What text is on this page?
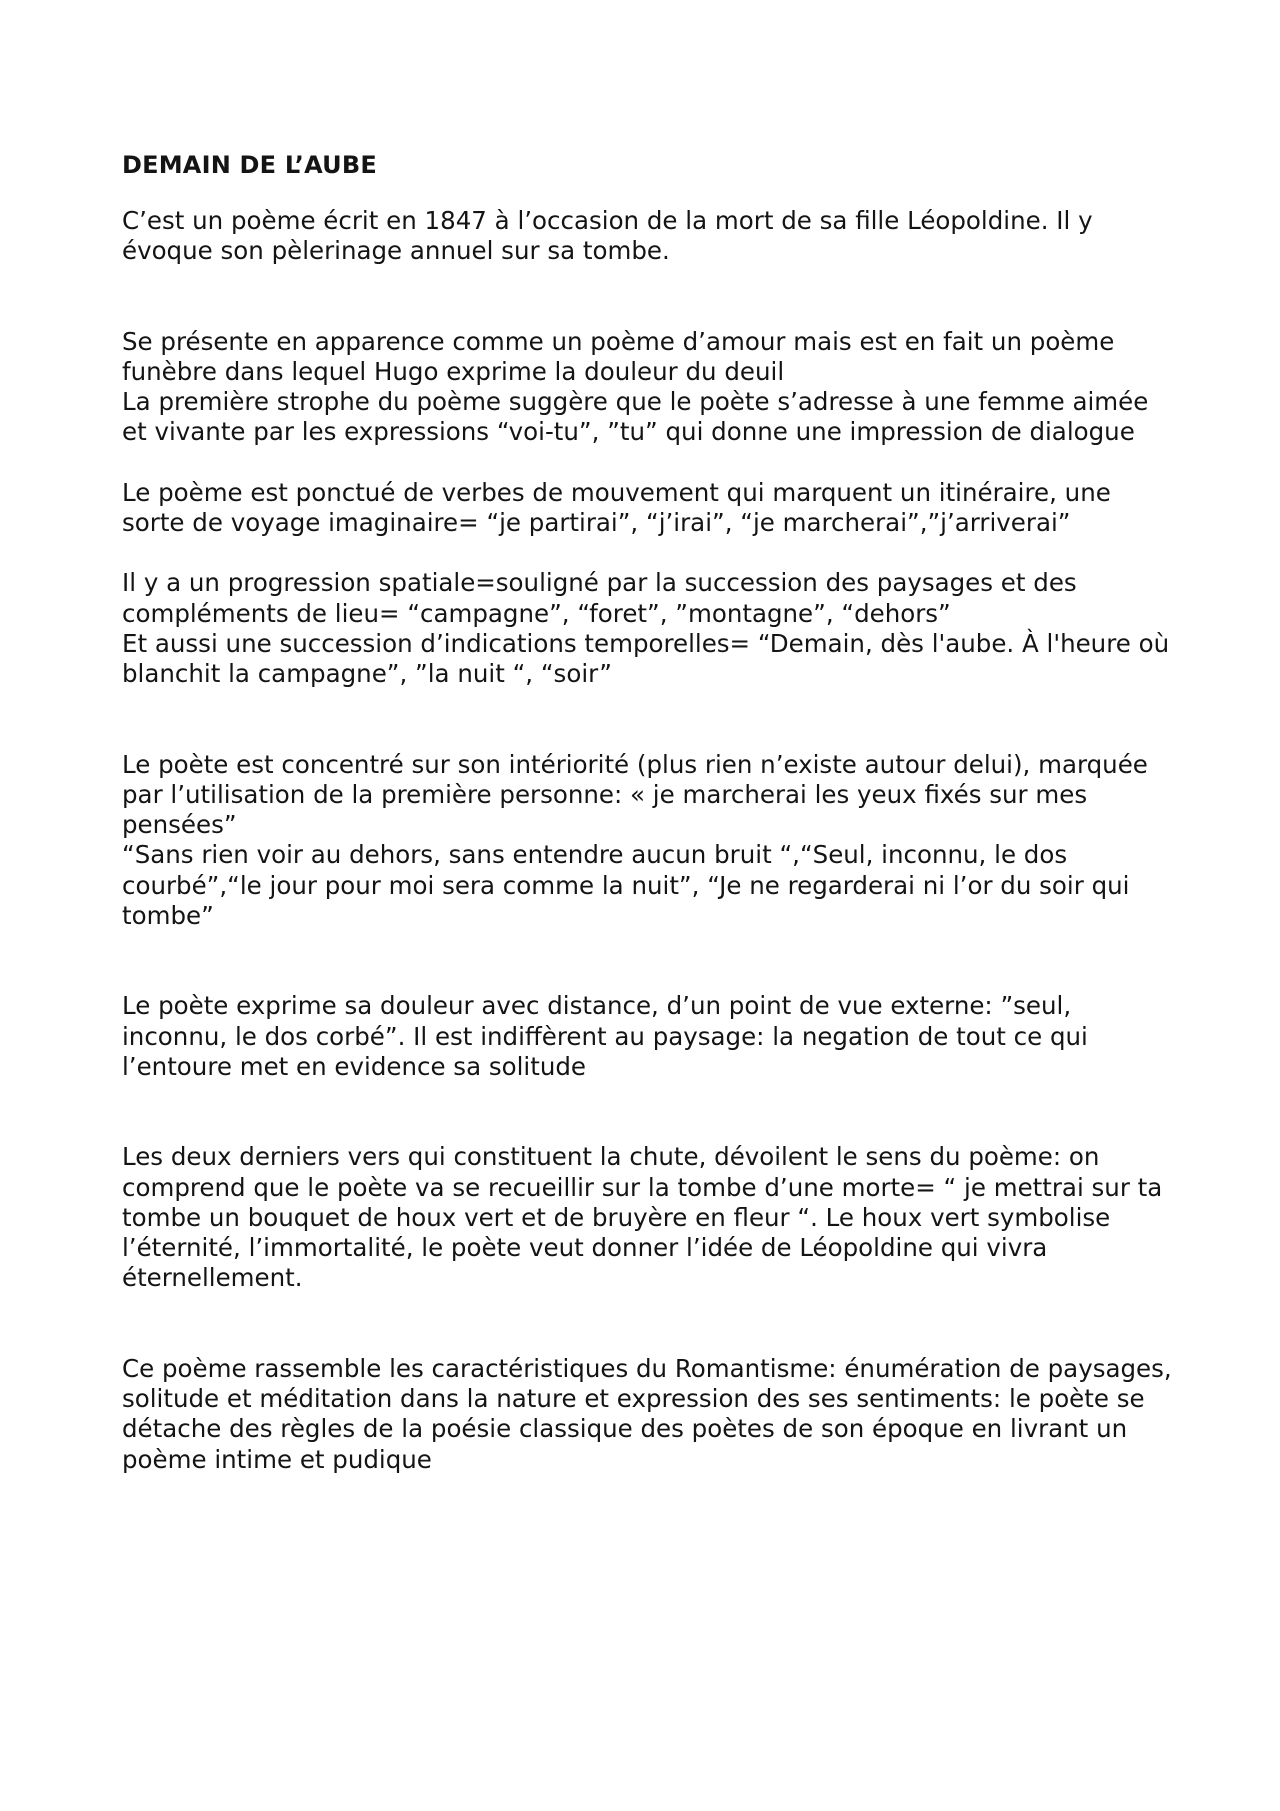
DEMAIN DE L’AUBE

C’est un poème écrit en 1847 à l’occasion de la mort de sa fille Léopoldine. Il y évoque son pèlerinage annuel sur sa tombe.

Se présente en apparence comme un poème d’amour mais est en fait un poème funèbre dans lequel Hugo exprime la douleur du deuil

La première strophe du poème suggère que le poète s’adresse à une femme aimée et vivante par les expressions “voi-tu”, ”tu” qui donne une impression de dialogue

Le poème est ponctué de verbes de mouvement qui marquent un itinéraire, une

sorte de voyage imaginaire= “je partirai”, “j’irai”, “je marcherai”,”j’arriverai”

Il y a un progression spatiale=souligné par la succession des paysages et des compléments de lieu= “campagne”, “foret”, ”montagne”, “dehors”

Et aussi une succession d’indications temporelles= “Demain, dès l'aube. À l'heure où blanchit la campagne”, ”la nuit “, “soir”

Le poète est concentré sur son intériorité (plus rien n’existe autour delui), marquée par l’utilisation de la première personne: « je marcherai les yeux fixés sur mes pensées”

“Sans rien voir au dehors, sans entendre aucun bruit “,“Seul, inconnu, le dos courbé”,“le jour pour moi sera comme la nuit”, “Je ne regarderai ni l’or du soir qui tombe”

Le poète exprime sa douleur avec distance, d’un point de vue externe: ”seul, inconnu, le dos corbé”. Il est indiffèrent au paysage: la negation de tout ce qui l’entoure met en evidence sa solitude

Les deux derniers vers qui constituent la chute, dévoilent le sens du poème: on comprend que le poète va se recueillir sur la tombe d’une morte= “ je mettrai sur ta tombe un bouquet de houx vert et de bruyère en fleur “. Le houx vert symbolise l’éternité, l’immortalité, le poète veut donner l’idée de Léopoldine qui vivra éternellement.

Ce poème rassemble les caractéristiques du Romantisme: énumération de paysages, solitude et méditation dans la nature et expression des ses sentiments: le poète se détache des règles de la poésie classique des poètes de son époque en livrant un poème intime et pudique
